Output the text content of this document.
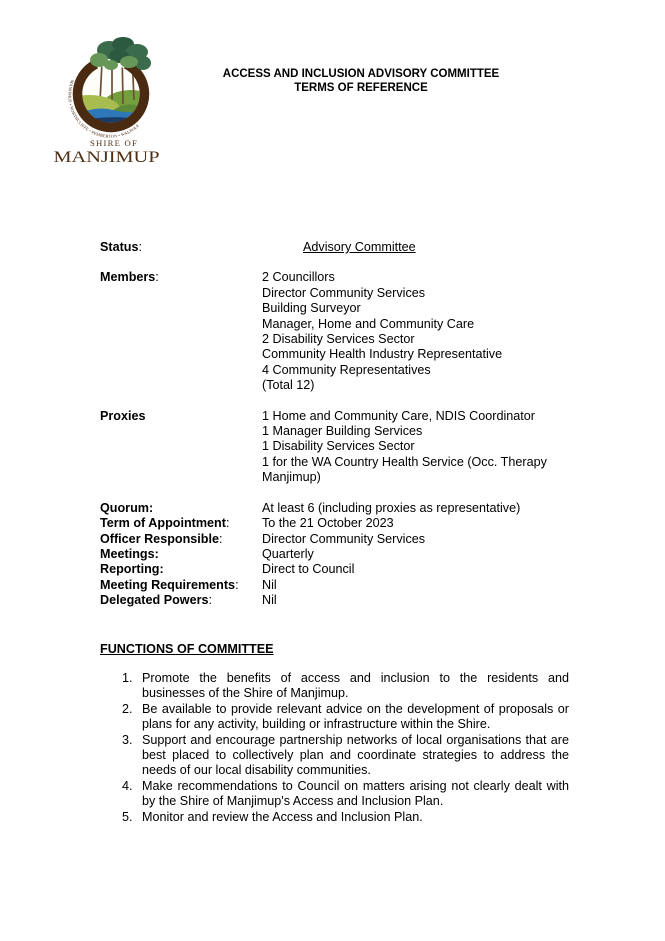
MANJIMUP • NORTHCLIFFE • PEMBERTON • WALPOLE
SHIRE OF
MANJIMUP
ACCESS AND INCLUSION ADVISORY COMMITTEE
TERMS OF REFERENCE
Status:	Advisory Committee
Members:	2 Councillors
Director Community Services
Building Surveyor
Manager, Home and Community Care
2 Disability Services Sector
Community Health Industry Representative
4 Community Representatives
(Total 12)
Proxies	1 Home and Community Care, NDIS Coordinator
1 Manager Building Services
1 Disability Services Sector
1 for the WA Country Health Service (Occ. Therapy Manjimup)
Quorum:	At least 6 (including proxies as representative)
Term of Appointment:	To the 21 October 2023
Officer Responsible:	Director Community Services
Meetings:	Quarterly
Reporting:	Direct to Council
Meeting Requirements:	Nil
Delegated Powers:	Nil
FUNCTIONS OF COMMITTEE
1. Promote the benefits of access and inclusion to the residents and businesses of the Shire of Manjimup.
2. Be available to provide relevant advice on the development of proposals or plans for any activity, building or infrastructure within the Shire.
3. Support and encourage partnership networks of local organisations that are best placed to collectively plan and coordinate strategies to address the needs of our local disability communities.
4. Make recommendations to Council on matters arising not clearly dealt with by the Shire of Manjimup's Access and Inclusion Plan.
5. Monitor and review the Access and Inclusion Plan.
